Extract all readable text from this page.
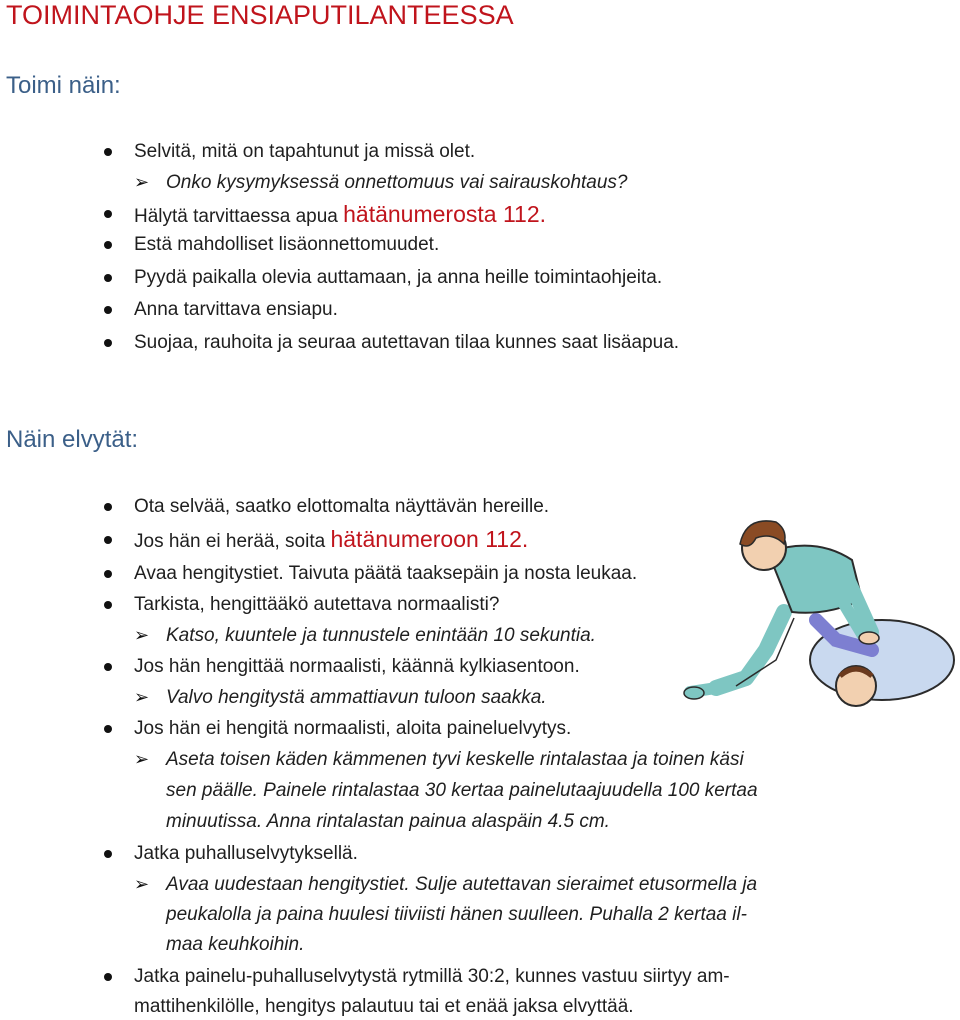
TOIMINTAOHJE ENSIAPUTILANTEESSA
Toimi näin:
Selvitä, mitä on tapahtunut ja missä olet.
➢ Onko kysymyksessä onnettomuus vai sairauskohtaus?
Hälytä tarvittaessa apua hätänumerosta 112.
Estä mahdolliset lisäonnettomuudet.
Pyydä paikalla olevia auttamaan, ja anna heille toimintaohjeita.
Anna tarvittava ensiapu.
Suojaa, rauhoita ja seuraa autettavan tilaa kunnes saat lisäapua.
Näin elvytät:
Ota selvää, saatko elottomalta näyttävän hereille.
Jos hän ei herää, soita hätänumeroon 112.
Avaa hengitystiet. Taivuta päätä taaksepäin ja nosta leukaa.
Tarkista, hengittääkö autettava normaalisti?
➢ Katso, kuuntele ja tunnustele enintään 10 sekuntia.
Jos hän hengittää normaalisti, käännä kylkiasentoon.
➢ Valvo hengitystä ammattiavun tuloon saakka.
Jos hän ei hengitä normaalisti, aloita paineluelvytys.
➢ Aseta toisen käden kämmenen tyvi keskelle rintalastaa ja toinen käsi
sen päälle. Painele rintalastaa 30 kertaa painelutaajuudella 100 kertaa
minuutissa. Anna rintalastan painua alaspäin 4.5 cm.
Jatka puhalluselvytyksellä.
➢ Avaa uudestaan hengitystiet. Sulje autettavan sieraimet etusormella ja
peukalolla ja paina huulesi tiiviisti hänen suulleen. Puhalla 2 kertaa il-
maa keuhkoihin.
Jatka painelu-puhalluselvytystä rytmillä 30:2, kunnes vastuu siirtyy am-
mattihenkilölle, hengitys palautuu tai et enää jaksa elvyttää.
